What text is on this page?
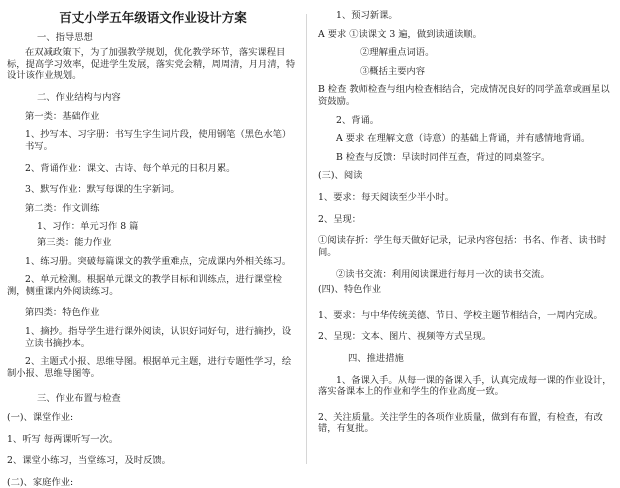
百丈小学五年级语文作业设计方案

一、指导思想

在双减政策下，为了加强教学规划，优化教学环节，落实课程目标，提高学习效率，促进学生发展，落实党会精，周周清，月月清，特设计该作业规划。

二、作业结构与内容

第一类：基础作业

1、抄写本、习字册：书写生字生词片段，使用钢笔（黑色水笔）书写。

2、背诵作业：课文、古诗、每个单元的日积月累。

3、默写作业：默写每课的生字新词。

第二类：作文训练

1、习作：单元习作 8 篇

第三类：能力作业

1、练习册。突破每篇课文的教学重难点，完成课内外相关练习。

2、单元检测。根据单元课文的教学目标和训练点，进行课堂检测，侧重课内外阅读练习。

第四类：特色作业

1、摘抄。指导学生进行课外阅读，认识好词好句，进行摘抄，设立读书摘抄本。

2、主题式小报、思维导图。根据单元主题，进行专题性学习，绘制小报、思维导图等。

三、作业布置与检查

(一)、课堂作业:

1、听写 每两课听写一次。

2、课堂小练习，当堂练习，及时反馈。

(二)、家庭作业:

1、预习新课。

A 要求 ①读课文 3 遍，做到读通读顺。

②理解重点词语。

③概括主要内容

B 检查 教师检查与组内检查相结合，完成情况良好的同学盖章或画星以资鼓励。

2、背诵。

A 要求 在理解文意（诗意）的基础上背诵，并有感情地背诵。

B 检查与反馈：早读时同伴互查，背过的同桌签字。

(三)、阅读

1、要求：每天阅读至少半小时。

2、呈现：

①阅读存折：学生每天做好记录，记录内容包括：书名、作者、读书时间。

②读书交流：利用阅读课进行每月一次的读书交流。

(四)、特色作业

1、要求：与中华传统美德、节日、学校主题节相结合，一周内完成。

2、呈现：文本、图片、视频等方式呈现。

四、推进措施

1、备课入手。从每一课的备课入手，认真完成每一课的作业设计，落实备课本上的作业和学生的作业高度一致。

2、关注质量。关注学生的各项作业质量，做到有布置，有检查，有改错，有复批。
